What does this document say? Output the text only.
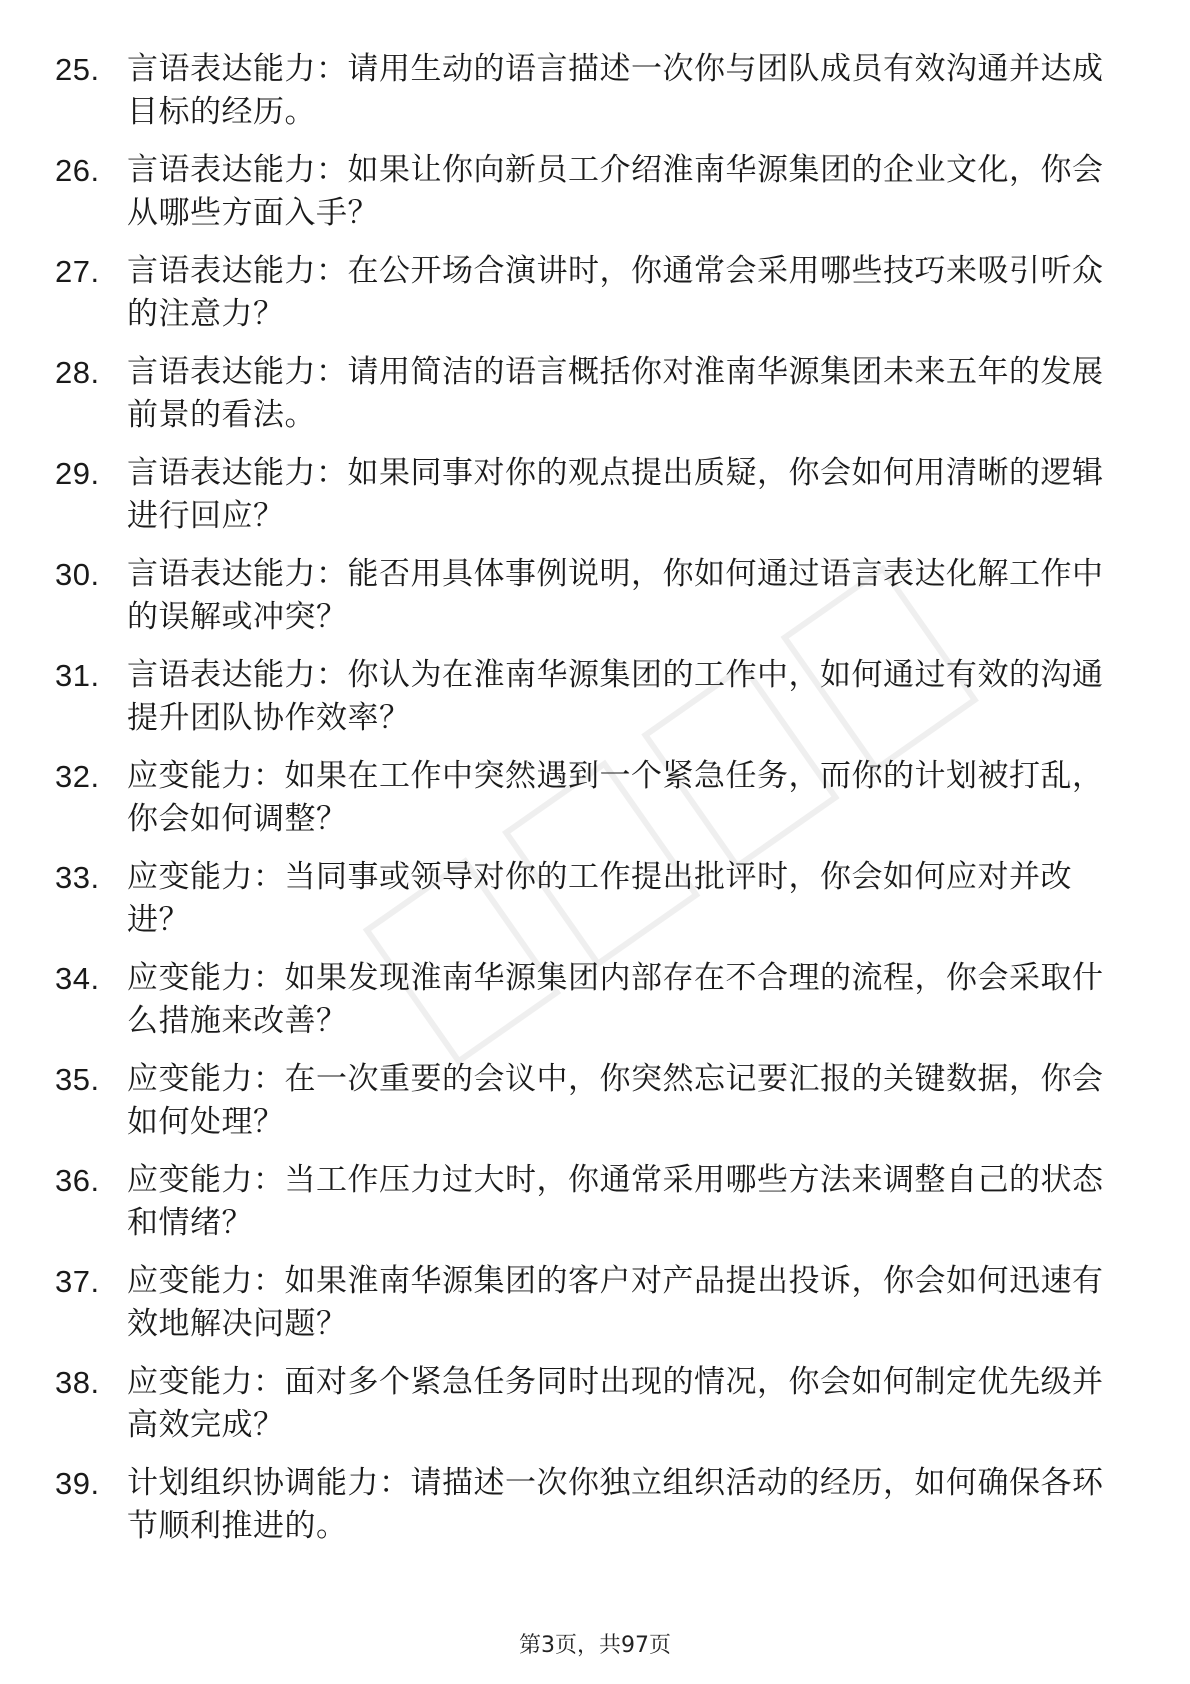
25. 言语表达能力：请用生动的语言描述一次你与团队成员有效沟通并达成目标的经历。
26. 言语表达能力：如果让你向新员工介绍淮南华源集团的企业文化，你会从哪些方面入手？
27. 言语表达能力：在公开场合演讲时，你通常会采用哪些技巧来吸引听众的注意力？
28. 言语表达能力：请用简洁的语言概括你对淮南华源集团未来五年的发展前景的看法。
29. 言语表达能力：如果同事对你的观点提出质疑，你会如何用清晰的逻辑进行回应？
30. 言语表达能力：能否用具体事例说明，你如何通过语言表达化解工作中的误解或冲突？
31. 言语表达能力：你认为在淮南华源集团的工作中，如何通过有效的沟通提升团队协作效率？
32. 应变能力：如果在工作中突然遇到一个紧急任务，而你的计划被打乱，你会如何调整？
33. 应变能力：当同事或领导对你的工作提出批评时，你会如何应对并改进？
34. 应变能力：如果发现淮南华源集团内部存在不合理的流程，你会采取什么措施来改善？
35. 应变能力：在一次重要的会议中，你突然忘记要汇报的关键数据，你会如何处理？
36. 应变能力：当工作压力过大时，你通常采用哪些方法来调整自己的状态和情绪？
37. 应变能力：如果淮南华源集团的客户对产品提出投诉，你会如何迅速有效地解决问题？
38. 应变能力：面对多个紧急任务同时出现的情况，你会如何制定优先级并高效完成？
39. 计划组织协调能力：请描述一次你独立组织活动的经历，如何确保各环节顺利推进的。
第3页，共97页
